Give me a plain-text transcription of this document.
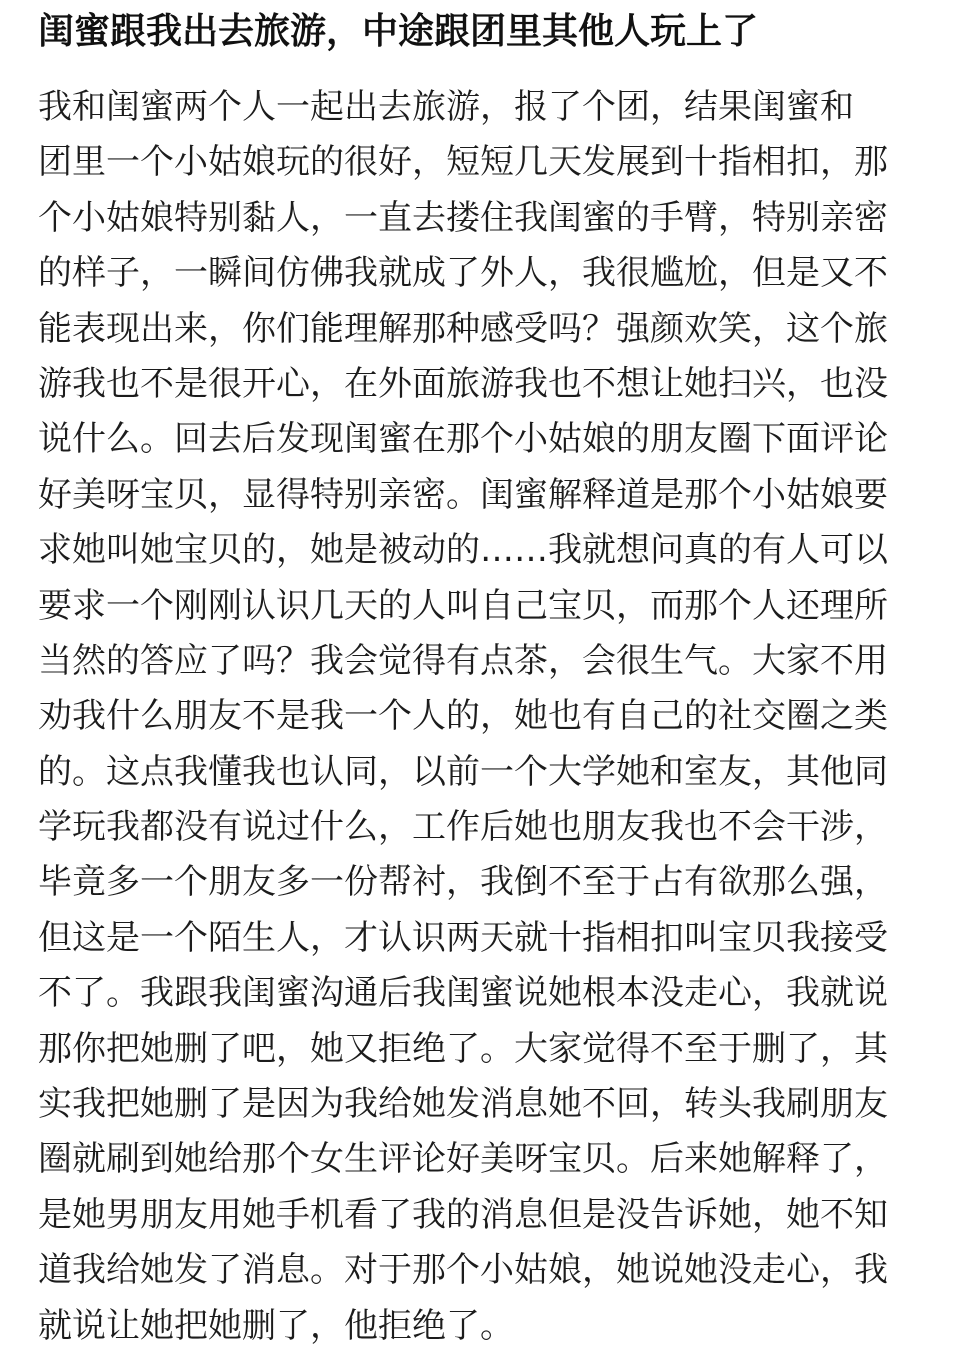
闺蜜跟我出去旅游，中途跟团里其他人玩上了
我和闺蜜两个人一起出去旅游，报了个团，结果闺蜜和
团里一个小姑娘玩的很好，短短几天发展到十指相扣，那
个小姑娘特别黏人，一直去搂住我闺蜜的手臂，特别亲密
的样子，一瞬间仿佛我就成了外人，我很尴尬，但是又不
能表现出来，你们能理解那种感受吗？强颜欢笑，这个旅
游我也不是很开心，在外面旅游我也不想让她扫兴，也没
说什么。回去后发现闺蜜在那个小姑娘的朋友圈下面评论
好美呀宝贝，显得特别亲密。闺蜜解释道是那个小姑娘要
求她叫她宝贝的，她是被动的……我就想问真的有人可以
要求一个刚刚认识几天的人叫自己宝贝，而那个人还理所
当然的答应了吗？我会觉得有点茶，会很生气。大家不用
劝我什么朋友不是我一个人的，她也有自己的社交圈之类
的。这点我懂我也认同，以前一个大学她和室友，其他同
学玩我都没有说过什么，工作后她也朋友我也不会干涉，
毕竟多一个朋友多一份帮衬，我倒不至于占有欲那么强，
但这是一个陌生人，才认识两天就十指相扣叫宝贝我接受
不了。我跟我闺蜜沟通后我闺蜜说她根本没走心，我就说
那你把她删了吧，她又拒绝了。大家觉得不至于删了，其
实我把她删了是因为我给她发消息她不回，转头我刷朋友
圈就刷到她给那个女生评论好美呀宝贝。后来她解释了，
是她男朋友用她手机看了我的消息但是没告诉她，她不知
道我给她发了消息。对于那个小姑娘，她说她没走心，我
就说让她把她删了，他拒绝了。
